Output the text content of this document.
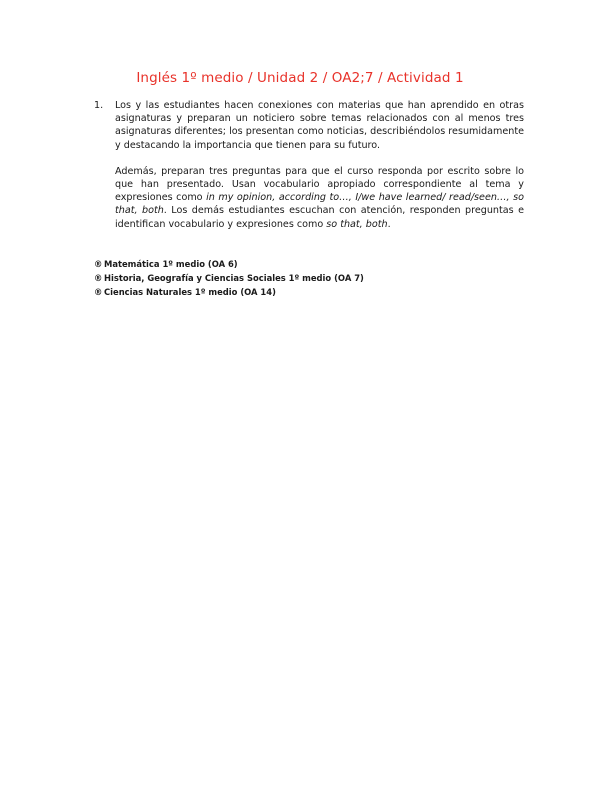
Inglés 1º medio / Unidad 2 / OA2;7 / Actividad 1
1. Los y las estudiantes hacen conexiones con materias que han aprendido en otras asignaturas y preparan un noticiero sobre temas relacionados con al menos tres asignaturas diferentes; los presentan como noticias, describiéndolos resumidamente y destacando la importancia que tienen para su futuro.

Además, preparan tres preguntas para que el curso responda por escrito sobre lo que han presentado. Usan vocabulario apropiado correspondiente al tema y expresiones como in my opinion, according to…, I/we have learned/ read/seen…, so that, both. Los demás estudiantes escuchan con atención, responden preguntas e identifican vocabulario y expresiones como so that, both.

® Matemática 1º medio (OA 6)
® Historia, Geografía y Ciencias Sociales 1º medio (OA 7)
® Ciencias Naturales 1º medio (OA 14)
